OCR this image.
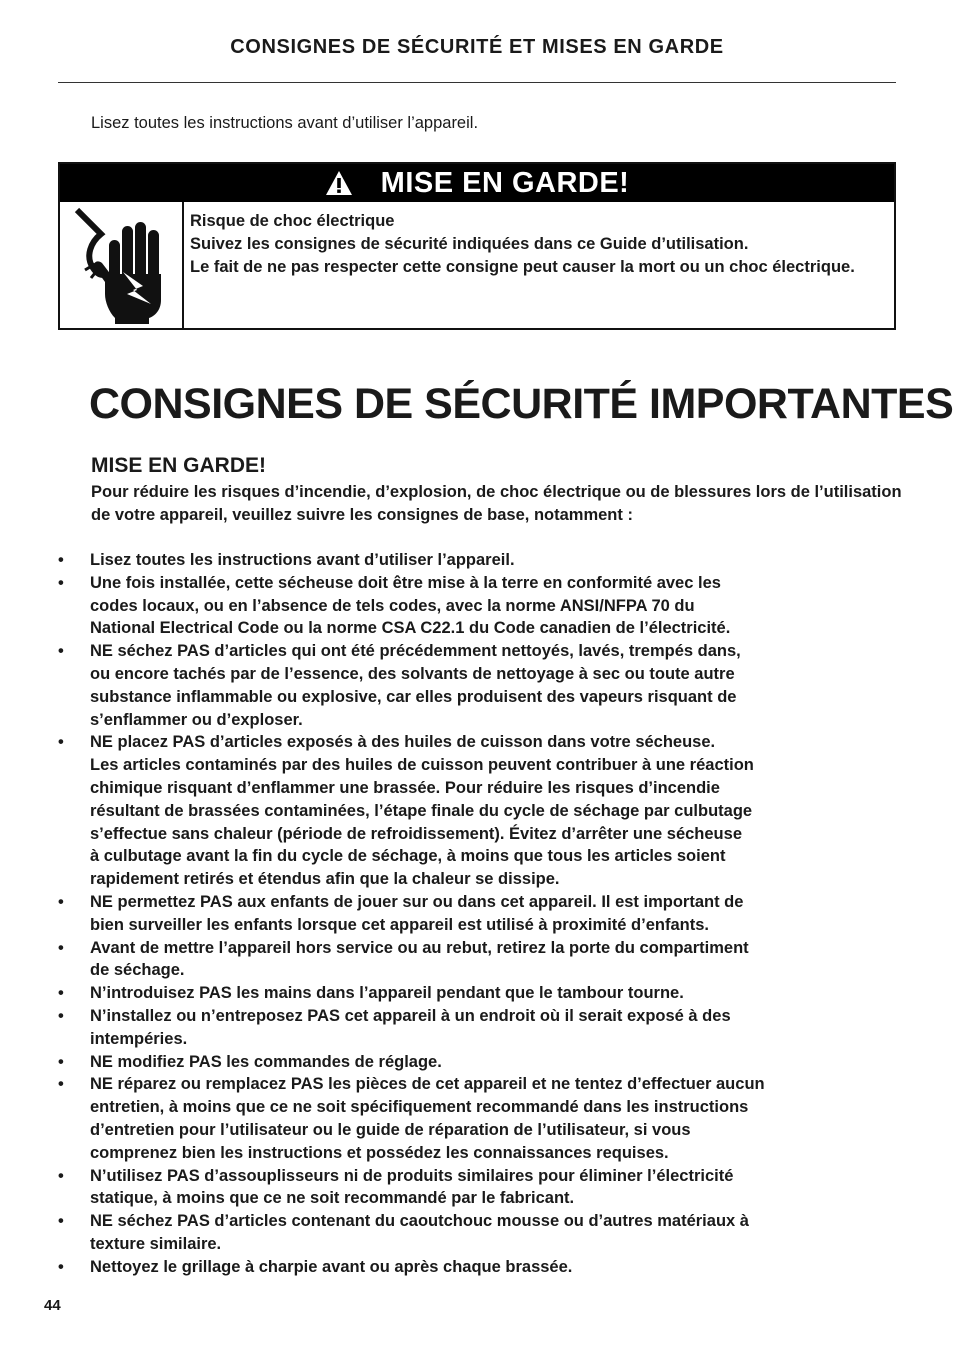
CONSIGNES DE SÉCURITÉ ET MISES EN GARDE

Lisez toutes les instructions avant d’utiliser l’appareil.

MISE EN GARDE!

Risque de choc électrique

Suivez les consignes de sécurité indiquées dans ce Guide d’utilisation.

Le fait de ne pas respecter cette consigne peut causer la mort ou un choc électrique.

CONSIGNES DE SÉCURITÉ IMPORTANTES
MISE EN GARDE!

Pour réduire les risques d’incendie, d’explosion, de choc électrique ou de blessures lors de l’utilisation de votre appareil, veuillez suivre les consignes de base, notamment :

• Lisez toutes les instructions avant d’utiliser l’appareil.
• Une fois installée, cette sécheuse doit être mise à la terre en conformité avec les
codes locaux, ou en l’absence de tels codes, avec la norme ANSI/NFPA 70 du
National Electrical Code ou la norme CSA C22.1 du Code canadien de l’électricité.
• NE séchez PAS d’articles qui ont été précédemment nettoyés, lavés, trempés dans,
ou encore tachés par de l’essence, des solvants de nettoyage à sec ou toute autre
substance inflammable ou explosive, car elles produisent des vapeurs risquant de
s’enflammer ou d’exploser.
• NE placez PAS d’articles exposés à des huiles de cuisson dans votre sécheuse.
Les articles contaminés par des huiles de cuisson peuvent contribuer à une réaction
chimique risquant d’enflammer une brassée. Pour réduire les risques d’incendie
résultant de brassées contaminées, l’étape finale du cycle de séchage par culbutage
s’effectue sans chaleur (période de refroidissement). Évitez d’arrêter une sécheuse
à culbutage avant la fin du cycle de séchage, à moins que tous les articles soient
rapidement retirés et étendus afin que la chaleur se dissipe.
• NE permettez PAS aux enfants de jouer sur ou dans cet appareil. Il est important de
bien surveiller les enfants lorsque cet appareil est utilisé à proximité d’enfants.
• Avant de mettre l’appareil hors service ou au rebut, retirez la porte du compartiment
de séchage.
• N’introduisez PAS les mains dans l’appareil pendant que le tambour tourne.
• N’installez ou n’entreposez PAS cet appareil à un endroit où il serait exposé à des
intempéries.
• NE modifiez PAS les commandes de réglage.
• NE réparez ou remplacez PAS les pièces de cet appareil et ne tentez d’effectuer aucun
entretien, à moins que ce ne soit spécifiquement recommandé dans les instructions
d’entretien pour l’utilisateur ou le guide de réparation de l’utilisateur, si vous
comprenez bien les instructions et possédez les connaissances requises.
• N’utilisez PAS d’assouplisseurs ni de produits similaires pour éliminer l’électricité
statique, à moins que ce ne soit recommandé par le fabricant.
• NE séchez PAS d’articles contenant du caoutchouc mousse ou d’autres matériaux à
texture similaire.
• Nettoyez le grillage à charpie avant ou après chaque brassée.

44
